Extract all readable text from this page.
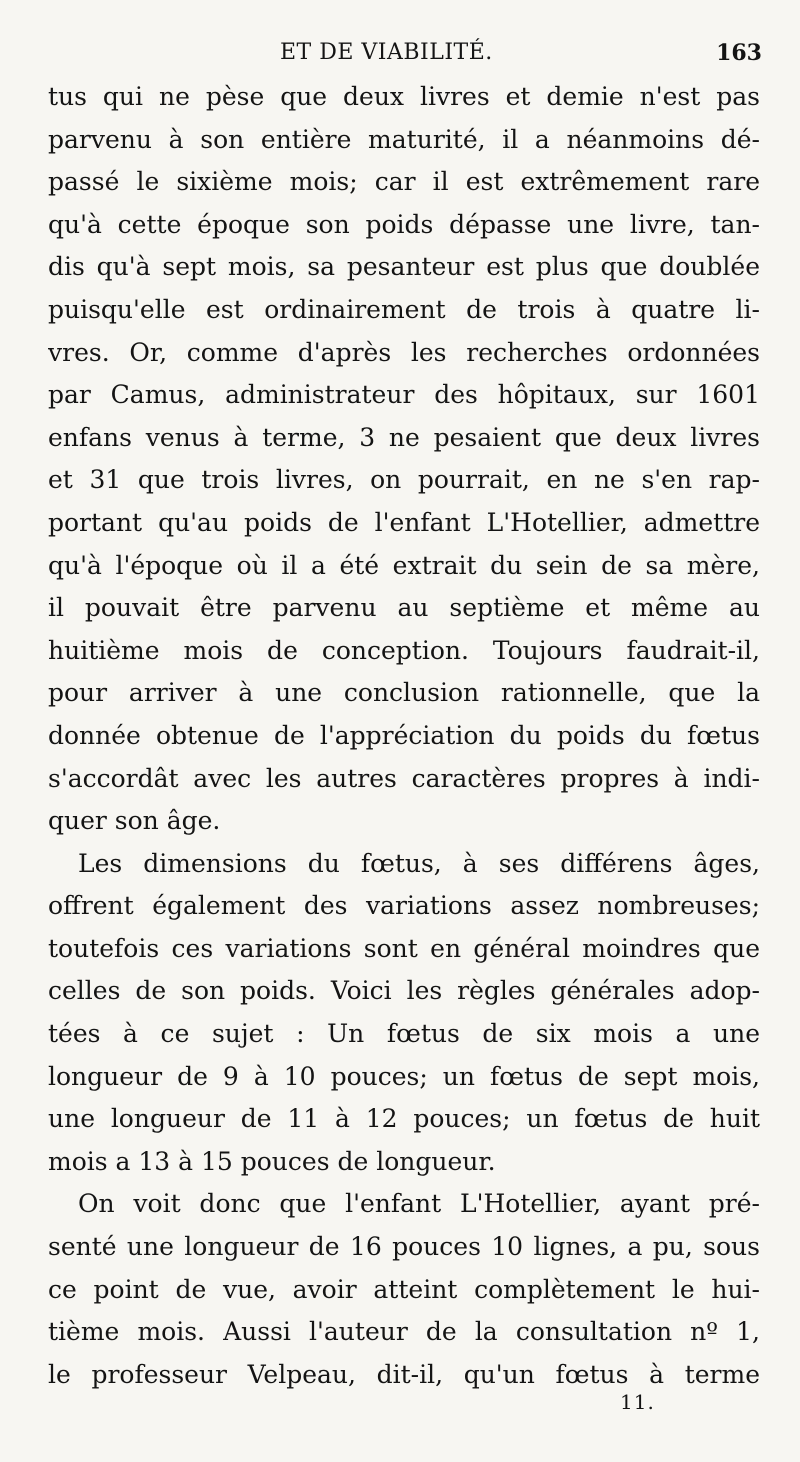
ET DE VIABILITÉ.	163
tus qui ne pèse que deux livres et demie n'est pas
parvenu à son entière maturité, il a néanmoins dé-
passé le sixième mois; car il est extrêmement rare
qu'à cette époque son poids dépasse une livre, tan-
dis qu'à sept mois, sa pesanteur est plus que doublée
puisqu'elle est ordinairement de trois à quatre li-
vres. Or, comme d'après les recherches ordonnées
par Camus, administrateur des hôpitaux, sur 1601
enfans venus à terme, 3 ne pesaient que deux livres
et 31 que trois livres, on pourrait, en ne s'en rap-
portant qu'au poids de l'enfant L'Hotellier, admettre
qu'à l'époque où il a été extrait du sein de sa mère,
il pouvait être parvenu au septième et même au
huitième mois de conception. Toujours faudrait-il,
pour arriver à une conclusion rationnelle, que la
donnée obtenue de l'appréciation du poids du fœtus
s'accordât avec les autres caractères propres à indi-
quer son âge.
Les dimensions du fœtus, à ses différens âges,
offrent également des variations assez nombreuses;
toutefois ces variations sont en général moindres que
celles de son poids. Voici les règles générales adop-
tées à ce sujet : Un fœtus de six mois a une
longueur de 9 à 10 pouces; un fœtus de sept mois,
une longueur de 11 à 12 pouces; un fœtus de huit
mois a 13 à 15 pouces de longueur.
On voit donc que l'enfant L'Hotellier, ayant pré-
senté une longueur de 16 pouces 10 lignes, a pu, sous
ce point de vue, avoir atteint complètement le hui-
tième mois. Aussi l'auteur de la consultation nº 1,
le professeur Velpeau, dit-il, qu'un fœtus à terme
11.
